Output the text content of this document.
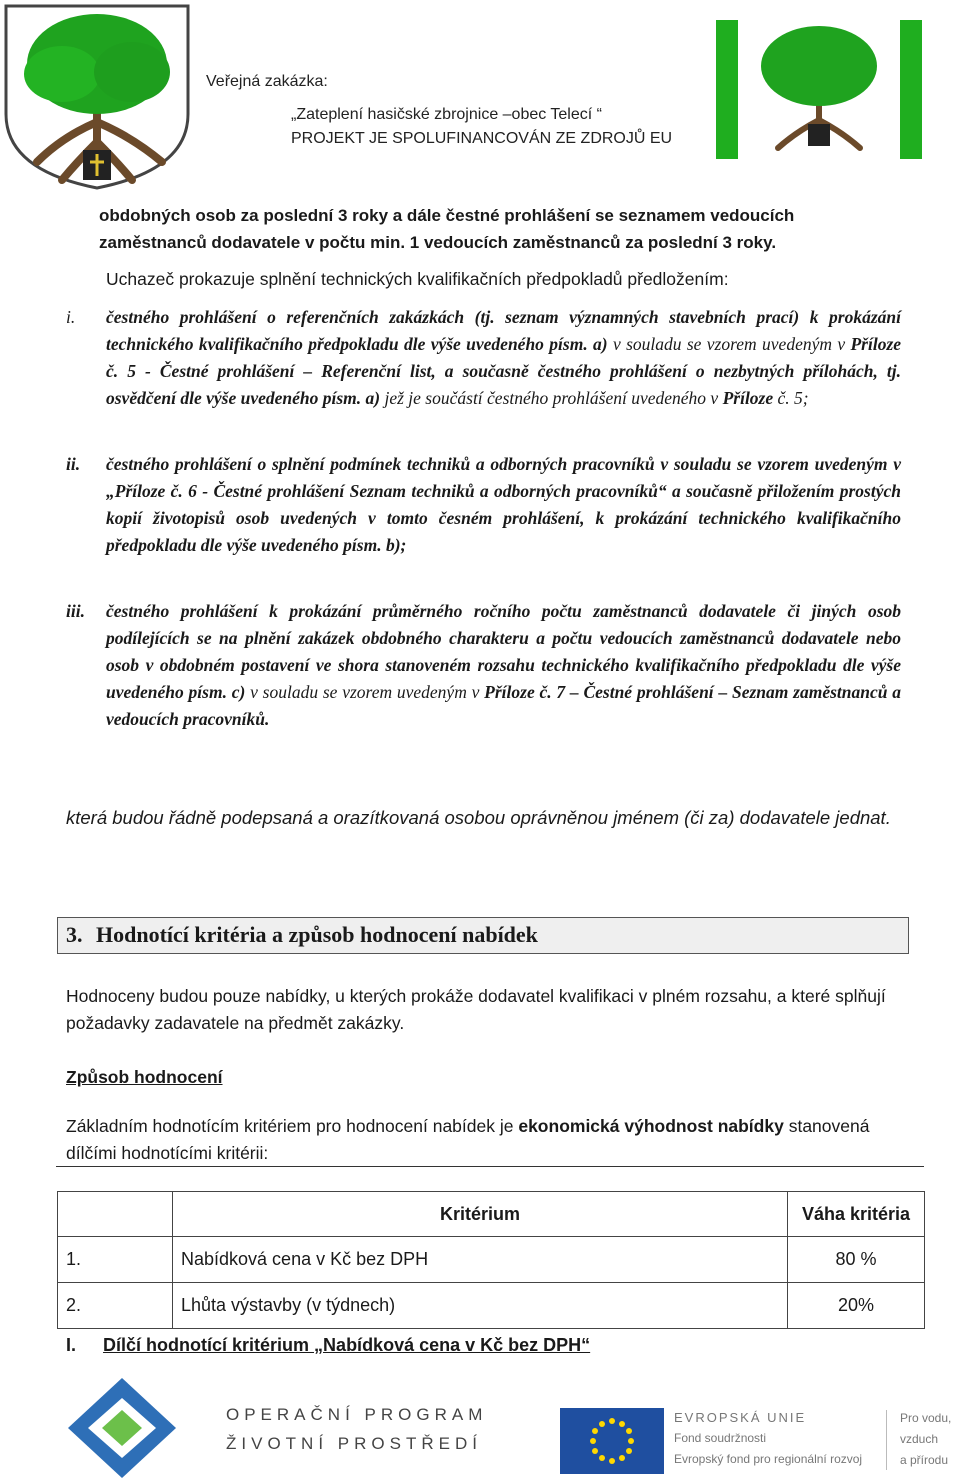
Veřejná zakázka:
„Zateplení hasičské zbrojnice –obec Telecí “
PROJEKT JE SPOLUFINANCOVÁN ZE ZDROJŮ EU
obdobných osob za poslední 3 roky a dále čestné prohlášení se seznamem vedoucích
zaměstnanců dodavatele v počtu min. 1 vedoucích zaměstnanců za poslední 3 roky.
Uchazeč prokazuje splnění technických kvalifikačních předpokladů předložením:
i. čestného prohlášení o referenčních zakázkách (tj. seznam významných stavebních prací) k prokázání technického kvalifikačního předpokladu dle výše uvedeného písm. a) v souladu se vzorem uvedeným v Příloze č. 5 - Čestné prohlášení – Referenční list, a současně čestného prohlášení o nezbytných přílohách, tj. osvědčení dle výše uvedeného písm. a) jež je součástí čestného prohlášení uvedeného v Příloze č. 5;
ii. čestného prohlášení o splnění podmínek techniků a odborných pracovníků v souladu se vzorem uvedeným v „Příloze č. 6 - Čestné prohlášení Seznam techniků a odborných pracovníků“ a současně přiložením prostých kopií životopisů osob uvedených v tomto česném prohlášení, k prokázání technického kvalifikačního předpokladu dle výše uvedeného písm. b);
iii. čestného prohlášení k prokázání průměrného ročního počtu zaměstnanců dodavatele či jiných osob podílejících se na plnění zakázek obdobného charakteru a počtu vedoucích zaměstnanců dodavatele nebo osob v obdobném postavení ve shora stanoveném rozsahu technického kvalifikačního předpokladu dle výše uvedeného písm. c) v souladu se vzorem uvedeným v Příloze č. 7 – Čestné prohlášení – Seznam zaměstnanců a vedoucích pracovníků.
která budou řádně podepsaná a orazítkovaná osobou oprávněnou jménem (či za) dodavatele jednat.
3. Hodnotící kritéria a způsob hodnocení nabídek
Hodnoceny budou pouze nabídky, u kterých prokáže dodavatel kvalifikaci v plném rozsahu, a které splňují požadavky zadavatele na předmět zakázky.
Způsob hodnocení
Základním hodnotícím kritériem pro hodnocení nabídek je ekonomická výhodnost nabídky stanovená dílčími hodnotícími kritérii:
	Kritérium	Váha kritéria
1.	Nabídková cena v Kč bez DPH	80 %
2.	Lhůta výstavby (v týdnech)	20%
I. Dílčí hodnotící kritérium „Nabídková cena v Kč bez DPH“
OPERAČNÍ PROGRAM
ŽIVOTNÍ PROSTŘEDÍ
EVROPSKÁ UNIE
Fond soudržnosti
Evropský fond pro regionální rozvoj
Pro vodu,
vzduch
a přírodu
